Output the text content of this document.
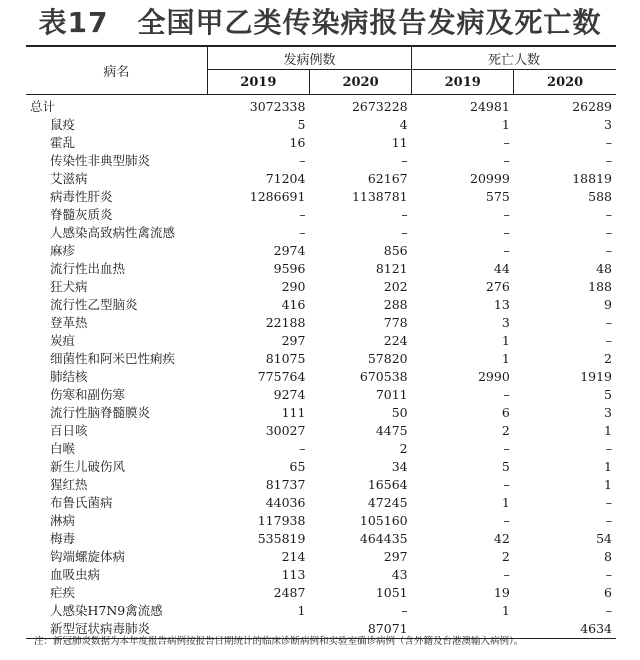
表17　全国甲乙类传染病报告发病及死亡数
病名	发病例数		死亡人数	
	2019	2020	2019	2020
总计	3072338	2673228	24981	26289
鼠疫	5	4	1	3
霍乱	16	11	–	–
传染性非典型肺炎	–	–	–	–
艾滋病	71204	62167	20999	18819
病毒性肝炎	1286691	1138781	575	588
脊髓灰质炎	–	–	–	–
人感染高致病性禽流感	–	–	–	–
麻疹	2974	856	–	–
流行性出血热	9596	8121	44	48
狂犬病	290	202	276	188
流行性乙型脑炎	416	288	13	9
登革热	22188	778	3	–
炭疽	297	224	1	–
细菌性和阿米巴性痢疾	81075	57820	1	2
肺结核	775764	670538	2990	1919
伤寒和副伤寒	9274	7011	–	5
流行性脑脊髓膜炎	111	50	6	3
百日咳	30027	4475	2	1
白喉	–	2	–	–
新生儿破伤风	65	34	5	1
猩红热	81737	16564	–	1
布鲁氏菌病	44036	47245	1	–
淋病	117938	105160	–	–
梅毒	535819	464435	42	54
钩端螺旋体病	214	297	2	8
血吸虫病	113	43	–	–
疟疾	2487	1051	19	6
人感染H7N9禽流感	1	–	1	–
新型冠状病毒肺炎		87071		4634
注：新冠肺炎数据为本年度报告病例按报告日期统计的临床诊断病例和实验室确诊病例（含外籍及台港澳输入病例）。
